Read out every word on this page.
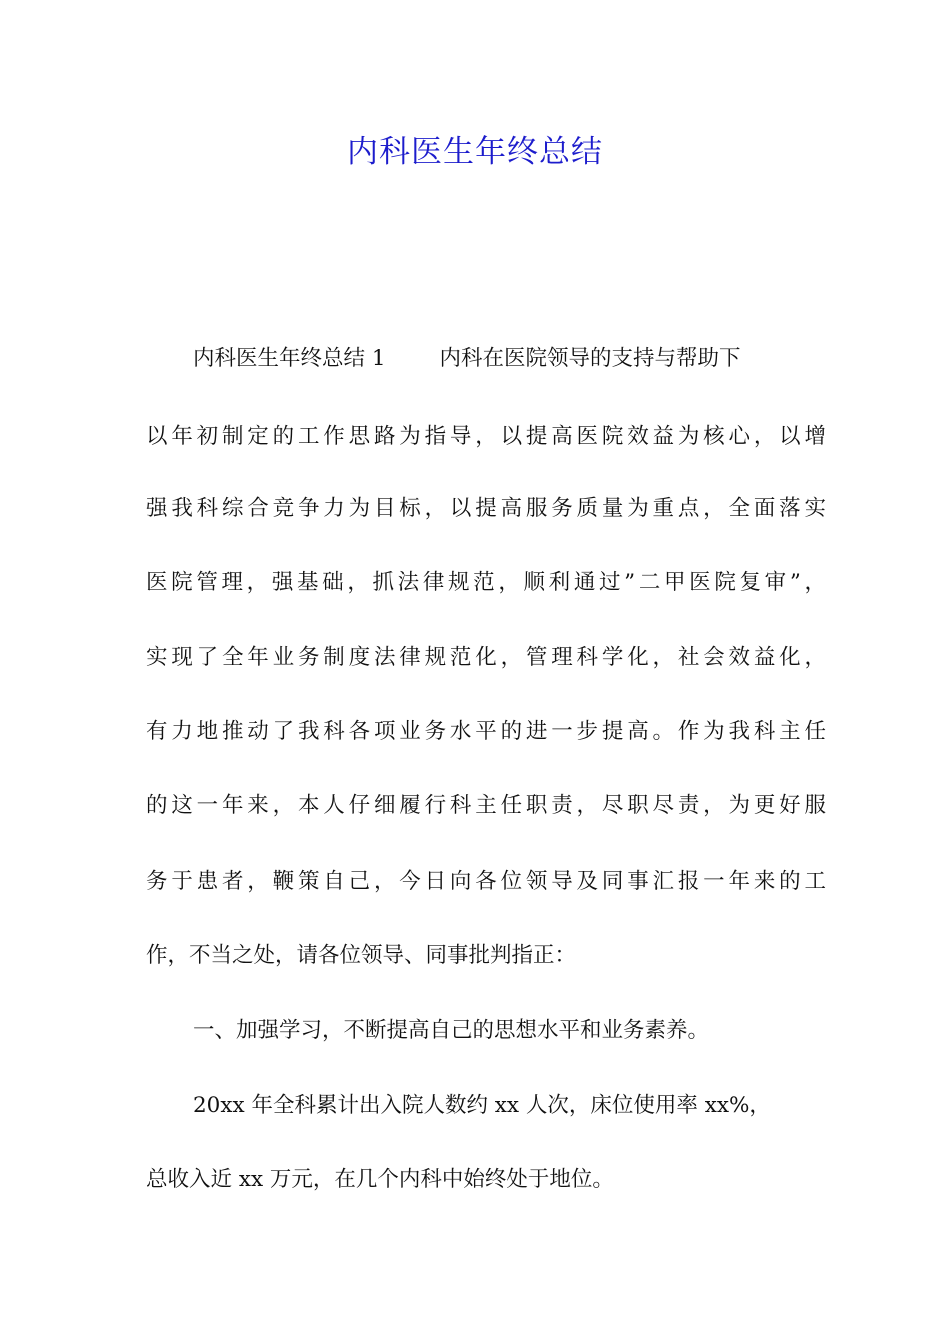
内科医生年终总结
内科医生年终总结 1	内科在医院领导的支持与帮助下
以年初制定的工作思路为指导，以提高医院效益为核心，以增
强我科综合竞争力为目标，以提高服务质量为重点，全面落实
医院管理，强基础，抓法律规范，顺利通过”二甲医院复审”，
实现了全年业务制度法律规范化，管理科学化，社会效益化，
有力地推动了我科各项业务水平的进一步提高。作为我科主任
的这一年来，本人仔细履行科主任职责，尽职尽责，为更好服
务于患者，鞭策自己，今日向各位领导及同事汇报一年来的工
作，不当之处，请各位领导、同事批判指正：
一、加强学习，不断提高自己的思想水平和业务素养。
20xx 年全科累计出入院人数约 xx 人次，床位使用率 xx%，
总收入近 xx 万元，在几个内科中始终处于地位。
